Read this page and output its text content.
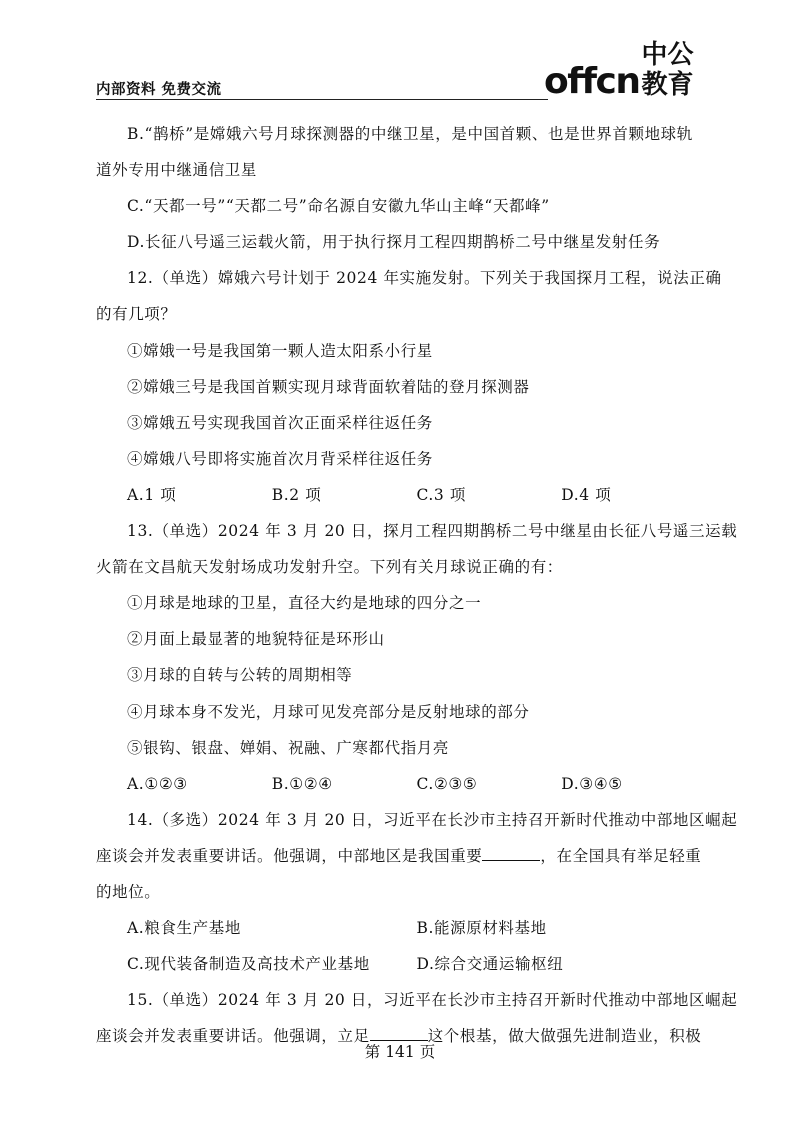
内部资料 免费交流	offcn
中公教育
B.“鹊桥”是嫦娥六号月球探测器的中继卫星，是中国首颗、也是世界首颗地球轨
道外专用中继通信卫星
C.“天都一号”“天都二号”命名源自安徽九华山主峰“天都峰”
D.长征八号遥三运载火箭，用于执行探月工程四期鹊桥二号中继星发射任务
12.（单选）嫦娥六号计划于 2024 年实施发射。下列关于我国探月工程，说法正确
的有几项？
①嫦娥一号是我国第一颗人造太阳系小行星
②嫦娥三号是我国首颗实现月球背面软着陆的登月探测器
③嫦娥五号实现我国首次正面采样往返任务
④嫦娥八号即将实施首次月背采样往返任务
A.1 项	B.2 项	C.3 项	D.4 项
13.（单选）2024 年 3 月 20 日，探月工程四期鹊桥二号中继星由长征八号遥三运载
火箭在文昌航天发射场成功发射升空。下列有关月球说正确的有：
①月球是地球的卫星，直径大约是地球的四分之一
②月面上最显著的地貌特征是环形山
③月球的自转与公转的周期相等
④月球本身不发光，月球可见发亮部分是反射地球的部分
⑤银钩、银盘、婵娟、祝融、广寒都代指月亮
A.①②③	B.①②④	C.②③⑤	D.③④⑤
14.（多选）2024 年 3 月 20 日，习近平在长沙市主持召开新时代推动中部地区崛起
座谈会并发表重要讲话。他强调，中部地区是我国重要	，在全国具有举足轻重
的地位。
A.粮食生产基地	B.能源原材料基地
C.现代装备制造及高技术产业基地	D.综合交通运输枢纽
15.（单选）2024 年 3 月 20 日，习近平在长沙市主持召开新时代推动中部地区崛起
座谈会并发表重要讲话。他强调，立足	这个根基，做大做强先进制造业，积极
第 141 页
